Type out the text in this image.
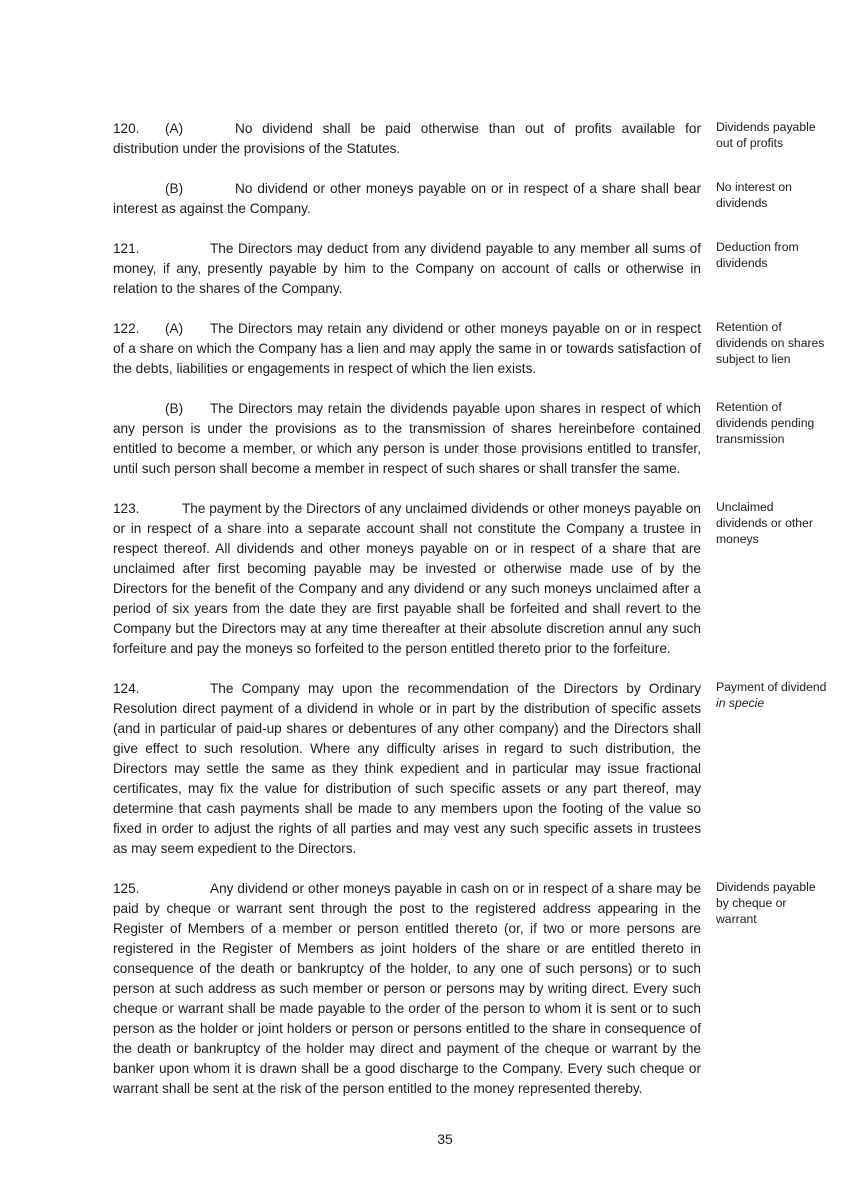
120. (A)	No dividend shall be paid otherwise than out of profits available for distribution under the provisions of the Statutes.

Dividends payable out of profits

(B)	No dividend or other moneys payable on or in respect of a share shall bear interest as against the Company.

No interest on dividends

121.	The Directors may deduct from any dividend payable to any member all sums of money, if any, presently payable by him to the Company on account of calls or otherwise in relation to the shares of the Company.

Deduction from dividends

122. (A) The Directors may retain any dividend or other moneys payable on or in respect of a share on which the Company has a lien and may apply the same in or towards satisfaction of the debts, liabilities or engagements in respect of which the lien exists.

Retention of dividends on shares subject to lien

(B) The Directors may retain the dividends payable upon shares in respect of which any person is under the provisions as to the transmission of shares hereinbefore contained entitled to become a member, or which any person is under those provisions entitled to transfer, until such person shall become a member in respect of such shares or shall transfer the same.

Retention of dividends pending transmission

123.	The payment by the Directors of any unclaimed dividends or other moneys payable on or in respect of a share into a separate account shall not constitute the Company a trustee in respect thereof. All dividends and other moneys payable on or in respect of a share that are unclaimed after first becoming payable may be invested or otherwise made use of by the Directors for the benefit of the Company and any dividend or any such moneys unclaimed after a period of six years from the date they are first payable shall be forfeited and shall revert to the Company but the Directors may at any time thereafter at their absolute discretion annul any such forfeiture and pay the moneys so forfeited to the person entitled thereto prior to the forfeiture.

Unclaimed dividends or other moneys

124.	The Company may upon the recommendation of the Directors by Ordinary Resolution direct payment of a dividend in whole or in part by the distribution of specific assets (and in particular of paid-up shares or debentures of any other company) and the Directors shall give effect to such resolution. Where any difficulty arises in regard to such distribution, the Directors may settle the same as they think expedient and in particular may issue fractional certificates, may fix the value for distribution of such specific assets or any part thereof, may determine that cash payments shall be made to any members upon the footing of the value so fixed in order to adjust the rights of all parties and may vest any such specific assets in trustees as may seem expedient to the Directors.

Payment of dividend in specie

125.	Any dividend or other moneys payable in cash on or in respect of a share may be paid by cheque or warrant sent through the post to the registered address appearing in the Register of Members of a member or person entitled thereto (or, if two or more persons are registered in the Register of Members as joint holders of the share or are entitled thereto in consequence of the death or bankruptcy of the holder, to any one of such persons) or to such person at such address as such member or person or persons may by writing direct. Every such cheque or warrant shall be made payable to the order of the person to whom it is sent or to such person as the holder or joint holders or person or persons entitled to the share in consequence of the death or bankruptcy of the holder may direct and payment of the cheque or warrant by the banker upon whom it is drawn shall be a good discharge to the Company. Every such cheque or warrant shall be sent at the risk of the person entitled to the money represented thereby.

Dividends payable by cheque or warrant
35
